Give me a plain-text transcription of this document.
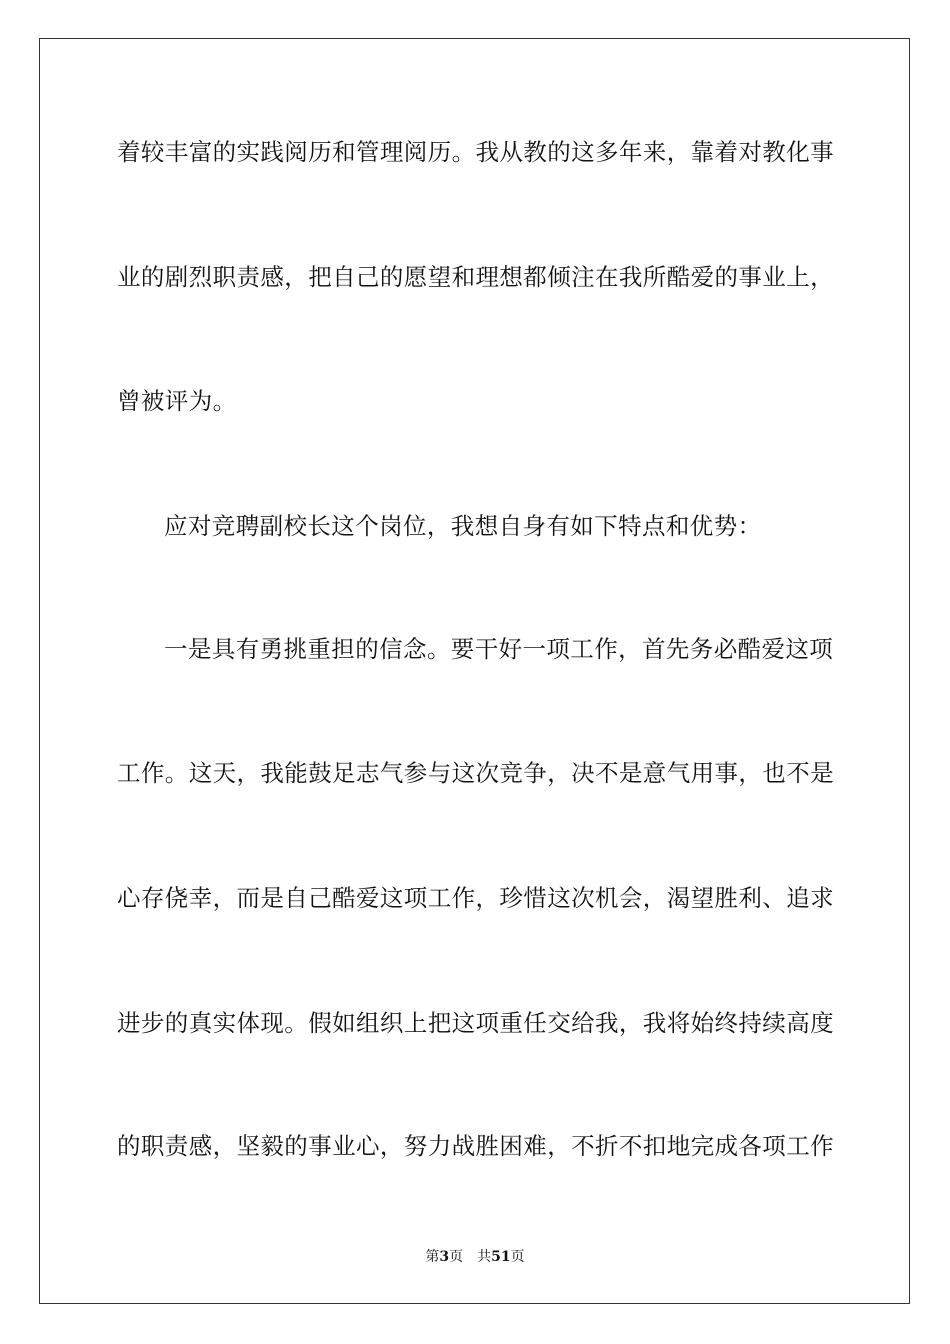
着较丰富的实践阅历和管理阅历。我从教的这多年来，靠着对教化事
业的剧烈职责感，把自己的愿望和理想都倾注在我所酷爱的事业上，
曾被评为。
应对竞聘副校长这个岗位，我想自身有如下特点和优势：
一是具有勇挑重担的信念。要干好一项工作，首先务必酷爱这项
工作。这天，我能鼓足志气参与这次竞争，决不是意气用事，也不是
心存侥幸，而是自己酷爱这项工作，珍惜这次机会，渴望胜利、追求
进步的真实体现。假如组织上把这项重任交给我，我将始终持续高度
的职责感，坚毅的事业心，努力战胜困难，不折不扣地完成各项工作
第3页 共51页
